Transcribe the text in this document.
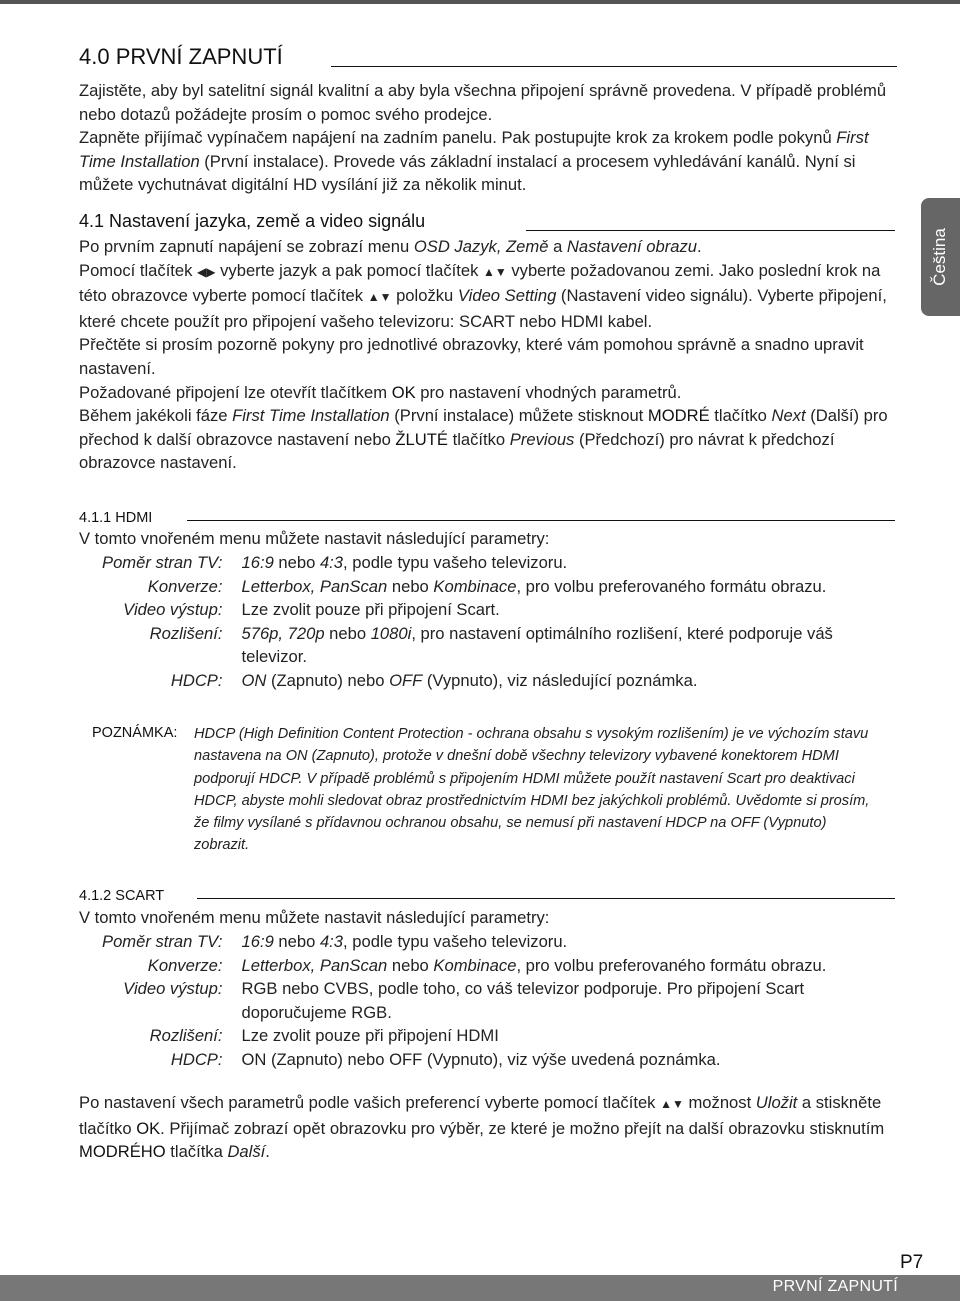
4.0 PRVNÍ ZAPNUTÍ

Zajistěte, aby byl satelitní signál kvalitní a aby byla všechna připojení správně provedena. V případě problémů nebo dotazů požádejte prosím o pomoc svého prodejce.

Zapněte přijímač vypínačem napájení na zadním panelu. Pak postupujte krok za krokem podle pokynů First Time Installation (První instalace). Provede vás základní instalací a procesem vyhledávání kanálů. Nyní si můžete vychutnávat digitální HD vysílání již za několik minut.

4.1 Nastavení jazyka, země a video signálu

Po prvním zapnutí napájení se zobrazí menu OSD Jazyk, Země a Nastavení obrazu.

Pomocí tlačítek ◀▶ vyberte jazyk a pak pomocí tlačítek ▲▼ vyberte požadovanou zemi. Jako poslední krok na této obrazovce vyberte pomocí tlačítek ▲▼ položku Video Setting (Nastavení video signálu). Vyberte připojení, které chcete použít pro připojení vašeho televizoru: SCART nebo HDMI kabel.

Přečtěte si prosím pozorně pokyny pro jednotlivé obrazovky, které vám pomohou správně a snadno upravit nastavení.

Požadované připojení lze otevřít tlačítkem OK pro nastavení vhodných parametrů.

Během jakékoli fáze First Time Installation (První instalace) můžete stisknout MODRÉ tlačítko Next (Další) pro přechod k další obrazovce nastavení nebo ŽLUTÉ tlačítko Previous (Předchozí) pro návrat k předchozí obrazovce nastavení.

4.1.1 HDMI

V tomto vnořeném menu můžete nastavit následující parametry:

Poměr stran TV:	16:9 nebo 4:3, podle typu vašeho televizoru.
Konverze:	Letterbox, PanScan nebo Kombinace, pro volbu preferovaného formátu obrazu.
Video výstup:	Lze zvolit pouze při připojení Scart.
Rozlišení:	576p, 720p nebo 1080i, pro nastavení optimálního rozlišení, které podporuje váš televizor.
HDCP:	ON (Zapnuto) nebo OFF (Vypnuto), viz následující poznámka.
POZNÁMKA: HDCP (High Definition Content Protection - ochrana obsahu s vysokým rozlišením) je ve výchozím stavu nastavena na ON (Zapnuto), protože v dnešní době všechny televizory vybavené konektorem HDMI podporují HDCP. V případě problémů s připojením HDMI můžete použít nastavení Scart pro deaktivaci HDCP, abyste mohli sledovat obraz prostřednictvím HDMI bez jakýchkoli problémů. Uvědomte si prosím, že filmy vysílané s přídavnou ochranou obsahu, se nemusí při nastavení HDCP na OFF (Vypnuto) zobrazit.
4.1.2 SCART

V tomto vnořeném menu můžete nastavit následující parametry:

Poměr stran TV:	16:9 nebo 4:3, podle typu vašeho televizoru.
Konverze:	Letterbox, PanScan nebo Kombinace, pro volbu preferovaného formátu obrazu.
Video výstup:	RGB nebo CVBS, podle toho, co váš televizor podporuje. Pro připojení Scart doporučujeme RGB.
Rozlišení:	Lze zvolit pouze při připojení HDMI
HDCP:	ON (Zapnuto) nebo OFF (Vypnuto), viz výše uvedená poznámka.

Po nastavení všech parametrů podle vašich preferencí vyberte pomocí tlačítek ▲▼ možnost Uložit a stiskněte tlačítko OK. Přijímač zobrazí opět obrazovku pro výběr, ze které je možno přejít na další obrazovku stisknutím MODRÉHO tlačítka Další.

Čeština
P7
PRVNÍ ZAPNUTÍ
